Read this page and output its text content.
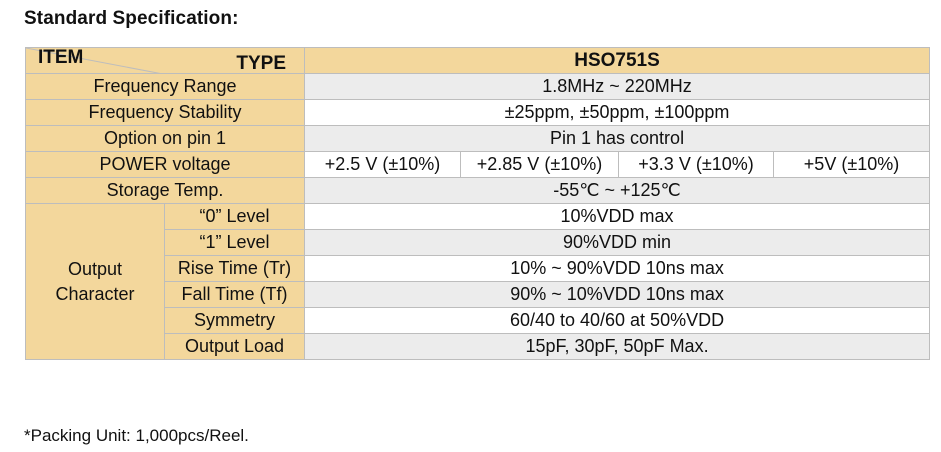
Standard Specification:
TYPE
ITEM		HSO751S			
Frequency Range		1.8MHz ~ 220MHz			
Frequency Stability		±25ppm, ±50ppm, ±100ppm			
Option on pin 1		Pin 1 has control			
POWER voltage		+2.5 V (±10%)	+2.85 V (±10%)	+3.3 V (±10%)	+5V (±10%)
Storage Temp.		-55℃ ~ +125℃			

Output
Character	“0” Level	10%VDD max			
	“1” Level	90%VDD min			
	Rise Time (Tr)	10% ~ 90%VDD 10ns max			
	Fall Time (Tf)	90% ~ 10%VDD 10ns max			
	Symmetry	60/40 to 40/60 at 50%VDD			
	Output Load	15pF, 30pF, 50pF Max.			
*Packing Unit: 1,000pcs/Reel.
